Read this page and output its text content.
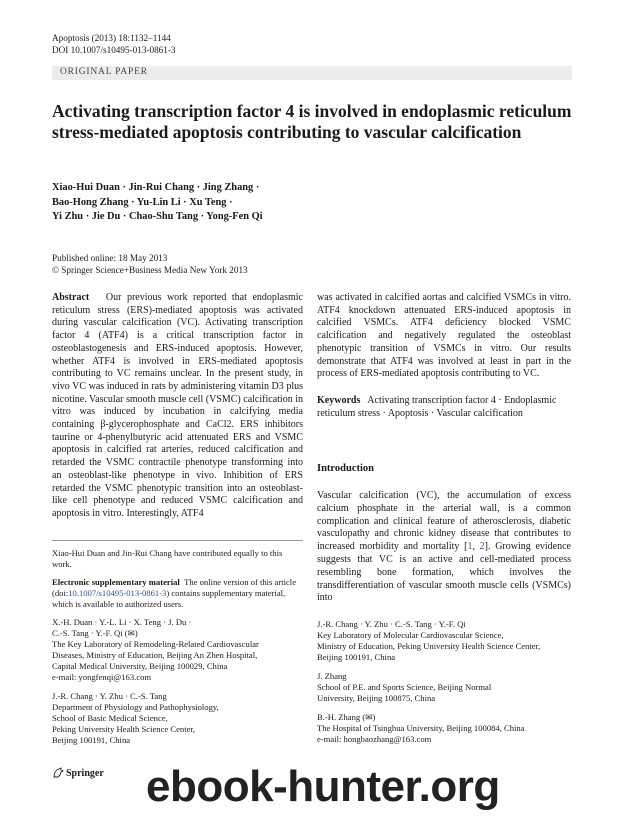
Apoptosis (2013) 18:1132–1144
DOI 10.1007/s10495-013-0861-3
ORIGINAL PAPER
Activating transcription factor 4 is involved in endoplasmic reticulum stress-mediated apoptosis contributing to vascular calcification
Xiao-Hui Duan · Jin-Rui Chang · Jing Zhang ·
Bao-Hong Zhang · Yu-Lin Li · Xu Teng ·
Yi Zhu · Jie Du · Chao-Shu Tang · Yong-Fen Qi
Published online: 18 May 2013
© Springer Science+Business Media New York 2013
Abstract Our previous work reported that endoplasmic reticulum stress (ERS)-mediated apoptosis was activated during vascular calcification (VC). Activating transcription factor 4 (ATF4) is a critical transcription factor in osteoblastogenesis and ERS-induced apoptosis. However, whether ATF4 is involved in ERS-mediated apoptosis contributing to VC remains unclear. In the present study, in vivo VC was induced in rats by administering vitamin D3 plus nicotine. Vascular smooth muscle cell (VSMC) calcification in vitro was induced by incubation in calcifying media containing β-glycerophosphate and CaCl2. ERS inhibitors taurine or 4-phenylbutyric acid attenuated ERS and VSMC apoptosis in calcified rat arteries, reduced calcification and retarded the VSMC contractile phenotype transforming into an osteoblast-like phenotype in vivo. Inhibition of ERS retarded the VSMC phenotypic transition into an osteoblast-like cell phenotype and reduced VSMC calcification and apoptosis in vitro. Interestingly, ATF4
was activated in calcified aortas and calcified VSMCs in vitro. ATF4 knockdown attenuated ERS-induced apoptosis in calcified VSMCs. ATF4 deficiency blocked VSMC calcification and negatively regulated the osteoblast phenotypic transition of VSMCs in vitro. Our results demonstrate that ATF4 was involved at least in part in the process of ERS-mediated apoptosis contributing to VC.
Keywords Activating transcription factor 4 · Endoplasmic reticulum stress · Apoptosis · Vascular calcification
Introduction
Vascular calcification (VC), the accumulation of excess calcium phosphate in the arterial wall, is a common complication and clinical feature of atherosclerosis, diabetic vasculopathy and chronic kidney disease that contributes to increased morbidity and mortality [1, 2]. Growing evidence suggests that VC is an active and cell-mediated process resembling bone formation, which involves the transdifferentiation of vascular smooth muscle cells (VSMCs) into
Xiao-Hui Duan and Jin-Rui Chang have contributed equally to this work.
Electronic supplementary material The online version of this article (doi:10.1007/s10495-013-0861-3) contains supplementary material, which is available to authorized users.
X.-H. Duan · Y.-L. Li · X. Teng · J. Du ·
C.-S. Tang · Y.-F. Qi (✉)
The Key Laboratory of Remodeling-Related Cardiovascular
Diseases, Ministry of Education, Beijing An Zhen Hospital,
Capital Medical University, Beijing 100029, China
e-mail: yongfenqi@163.com
J.-R. Chang · Y. Zhu · C.-S. Tang
Department of Physiology and Pathophysiology,
School of Basic Medical Science,
Peking University Health Science Center,
Beijing 100191, China
J.-R. Chang · Y. Zhu · C.-S. Tang · Y.-F. Qi
Key Laboratory of Molecular Cardiovascular Science,
Ministry of Education, Peking University Health Science Center,
Beijing 100191, China
J. Zhang
School of P.E. and Sports Science, Beijing Normal
University, Beijing 100875, China
B.-H. Zhang (✉)
The Hospital of Tsinghua University, Beijing 100084, China
e-mail: hongbaozhang@163.com
Springer ebook-hunter.org
